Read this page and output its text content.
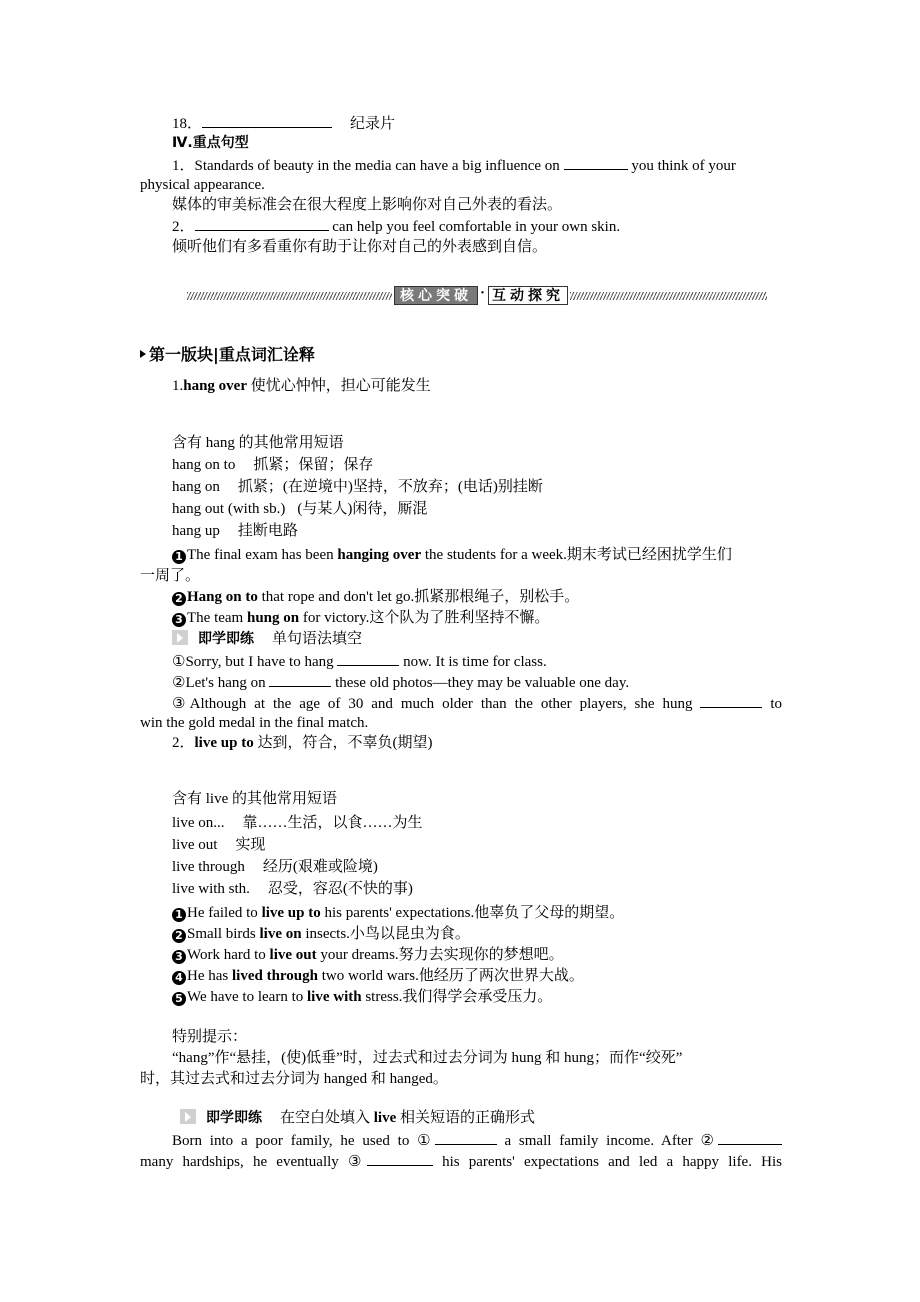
18．	纪录片
Ⅳ.重点句型
1．Standards of beauty in the media can have a big influence on	you think of your
physical appearance.
媒体的审美标准会在很大程度上影响你对自己外表的看法。
2．	can help you feel comfortable in your own skin.
倾听他们有多看重你有助于让你对自己的外表感到自信。
核心突破 · 互动探究
第一版块|重点词汇诠释
1.hang over 使忧心忡忡，担心可能发生
含有 hang 的其他常用短语
hang on to 抓紧；保留；保存
hang on 抓紧；(在逆境中)坚持，不放弃；(电话)别挂断
hang out (with sb.) (与某人)闲待，厮混
hang up 挂断电路
1 The final exam has been hanging over the students for a week.期末考试已经困扰学生们
一周了。
2 Hang on to that rope and don't let go.抓紧那根绳子，别松手。
3 The team hung on for victory.这个队为了胜利坚持不懈。
即学即练 单句语法填空
①Sorry, but I have to hang	now. It is time for class.
②Let's hang on	these old photos—they may be valuable one day.
③Although at the age of 30 and much older than the other players, she hung	to
win the gold medal in the final match.
2．live up to 达到，符合，不辜负(期望)
含有 live 的其他常用短语
live on... 靠……生活，以食……为生
live out 实现
live through 经历(艰难或险境)
live with sth. 忍受，容忍(不快的事)
1 He failed to live up to his parents' expectations.他辜负了父母的期望。
2 Small birds live on insects.小鸟以昆虫为食。
3 Work hard to live out your dreams.努力去实现你的梦想吧。
4 He has lived through two world wars.他经历了两次世界大战。
5 We have to learn to live with stress.我们得学会承受压力。
特别提示：
“hang”作“悬挂，(使)低垂”时，过去式和过去分词为 hung 和 hung；而作“绞死”
时，其过去式和过去分词为 hanged 和 hanged。
即学即练 在空白处填入 live 相关短语的正确形式
Born into a poor family, he used to ①	a small family income. After ②
many hardships, he eventually ③	his parents' expectations and led a happy life. His
